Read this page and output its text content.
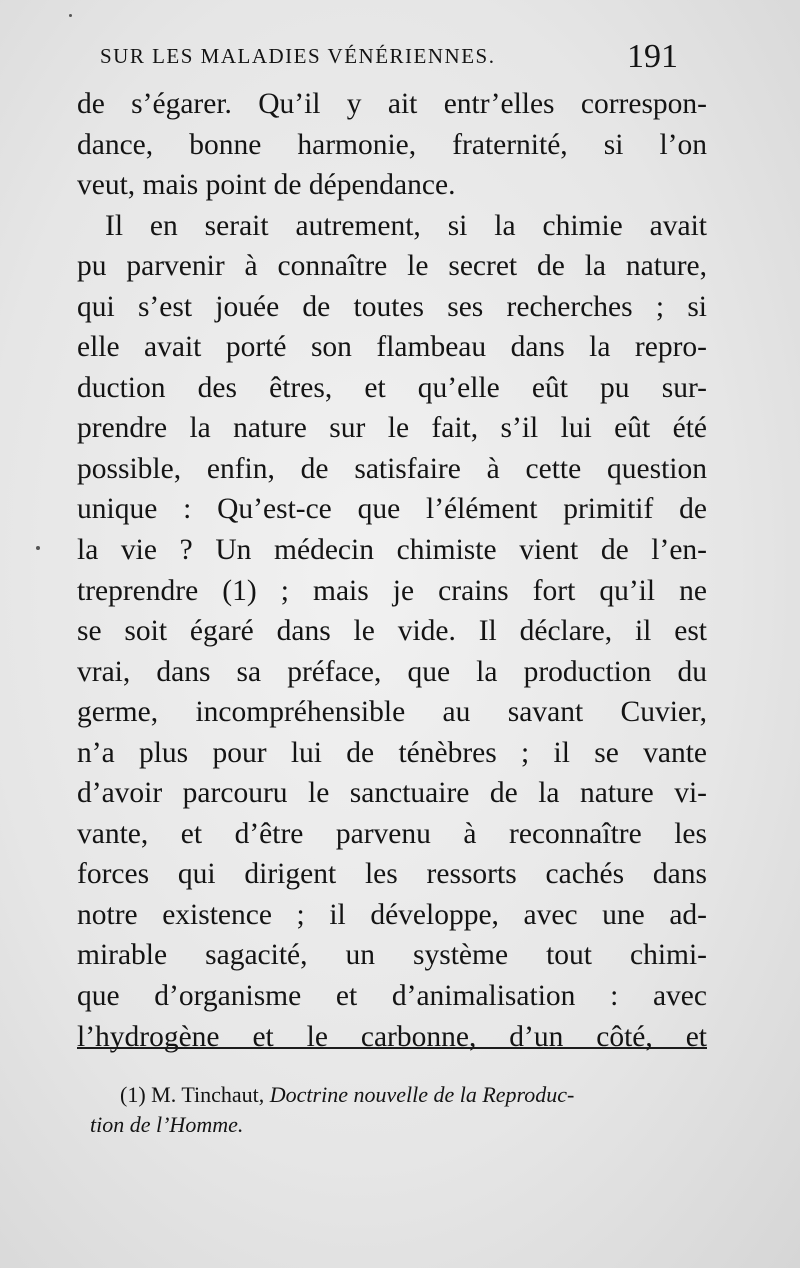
SUR LES MALADIES VÉNÉRIENNES.	191
de s’égarer. Qu’il y ait entr’elles correspon-
dance, bonne harmonie, fraternité, si l’on
veut, mais point de dépendance.
Il en serait autrement, si la chimie avait
pu parvenir à connaître le secret de la nature,
qui s’est jouée de toutes ses recherches ; si
elle avait porté son flambeau dans la repro-
duction des êtres, et qu’elle eût pu sur-
prendre la nature sur le fait, s’il lui eût été
possible, enfin, de satisfaire à cette question
unique : Qu’est-ce que l’élément primitif de
la vie ? Un médecin chimiste vient de l’en-
treprendre (1) ; mais je crains fort qu’il ne
se soit égaré dans le vide. Il déclare, il est
vrai, dans sa préface, que la production du
germe, incompréhensible au savant Cuvier,
n’a plus pour lui de ténèbres ; il se vante
d’avoir parcouru le sanctuaire de la nature vi-
vante, et d’être parvenu à reconnaître les
forces qui dirigent les ressorts cachés dans
notre existence ; il développe, avec une ad-
mirable sagacité, un système tout chimi-
que d’organisme et d’animalisation : avec
l’hydrogène et le carbonne, d’un côté, et
(1) M. Tinchaut, Doctrine nouvelle de la Reproduc-
tion de l’Homme.
